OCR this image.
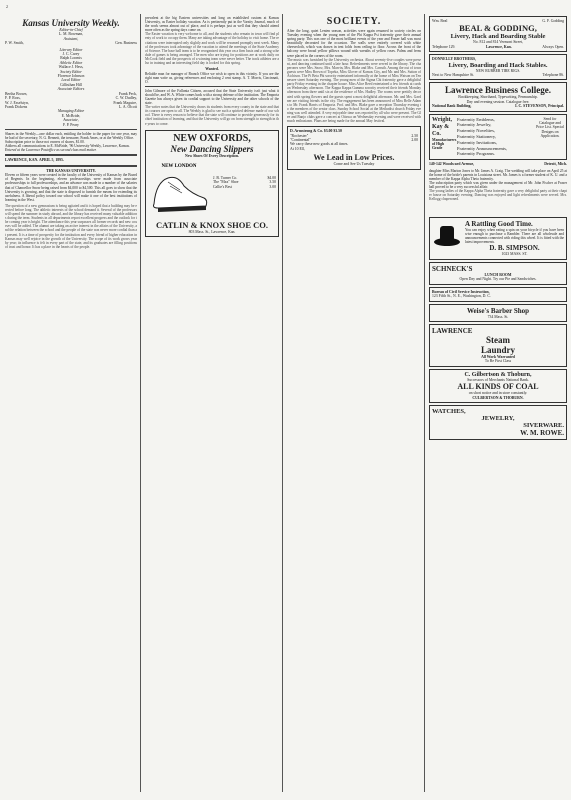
2
Kansas University Weekly.
Editor-in-Chief
L. M. Bowman,
Assistant,
P. W. Smith,	Gen. Business
Literary Editor
J. C. Carey
Ralph Loomis
Athletic Editor
Wallace J. Hess,
Society Editor
Florence Johnson
Local Editor
Gillisthan Hill
Associate Editors
Bertha Brown,
F. P. Ross,
W. J. Esselstyn,
Frank Dickens
Frank Peck,
C. W. Dudley,
Frank Maguire,
L. A. Olcott
Managing Editor
E. McBride,
Associate,
F. P. Peary
Shares in the Weekly—one dollar each, entitling the holder to the paper for one year, may be had of the secretary, N. G. Bennett, the treasurer, Frank Ames, or at the Weekly Office.
Subscription price to those not owners of shares, $1.00.
Address all communications to E. McBride, '96 University Weekly, Lawrence, Kansas.
Entered at the Lawrence Postoffice as second class mail matter.
LAWRENCE, KAN. APRIL 5, 1895.
THE KANSAS UNIVERSITY.
Eleven or fifteen years were created in the faculty of the University of Kansas by the Board of Regents. In the beginning, eleven professorships were made from associate professorships to full professorships, and an advance was made in a number of the salaries that of Chancellor Snow being raised from $4,000 to $4,500. This all goes to show that the University is growing, and that the state is disposed to furnish the means for extending its usefulness. A liberal policy toward our school will make it one of the best institutions of learning in the West.
The question of a new gymnasium is being agitated and it is hoped that a building may be erected before long. The athletic interests of the school demand it. Several of the professors will spend the summer in study abroad, and the library has received many valuable additions during the term. Students in all departments report excellent progress and the outlook for the coming year is bright. The attendance this year surpasses all former records and new courses will be added. The alumni are taking an active interest in the affairs of the University, and the relation between the school and the people of the state was never more cordial than at present. It is a time of prosperity for the institution and every friend of higher education in Kansas may well rejoice in the growth of the University. The scope of its work grows year by year; its influence is felt in every part of the state, and its graduates are filling positions of trust and honor. It has a place in the hearts of the people.
prevalent at the big Eastern universities and long an established custom at Kansas University, as Easter holiday vacation. As is pertinently put in the Varsity Journal, much of the work seems almost out of place, and it is perhaps just as well that they should attend more often as the spring days come on.
The Easter vacation is very welcome to all, and the students who remain in town will find plenty of work to occupy them. Many are taking advantage of the holiday to visit home. The recitations were interrupted only slightly and work will be resumed promptly next week. Many of the professors took advantage of the vacation to attend the meetings of the State Academy of Science. The base ball team is to be reorganized this year on a firm basis and a strong schedule of games is being arranged. The men who are trying for positions are at work daily on McCook field and the prospects of a winning team were never better. The track athletes are also in training and an interesting field day is looked for this spring.
Wanted.
Reliable man for manager of Branch Office we wish to open in this vicinity. If you are the right man write us, giving references and enclosing 2 cent stamp. A. T. Morris, Cincinnati, O.
John Gilmore of the Fallonia Citizen, accused that the State University isn't just what it should be, and W. A. White comes back with a strong defense of the institution. The Emporia Gazette has always given its cordial support to the University and the other schools of the state.
The writer notes that the University draws its students from every county in the state and that its courses are open to all. The Weekly is glad to see such a spirited defense made of our school. There is every reason to believe that the state will continue to provide generously for its chief institution of learning, and that the University will go on from strength to strength in the years to come.
NEW OXFORDS,
New Dancing Slippers
New Shoes Of Every Description.
NEW LONDON
J. B. Turner Co.	$4.00
The "Max" Shoe	3.50
Callie's Best	3.00
CATLIN & KNOX SHOE CO.
803 Mass. St., Lawrence, Kan.
SOCIETY.
After the long, quiet Lenten season, activities were again resumed in society circles on Tuesday evening when the young men of the Phi Kappa Psi fraternity gave their annual spring party. This was one of the most brilliant events of the year and Fraser hall was most beautifully decorated for the occasion. The walls were entirely covered with white cheesecloth, which was drawn in tent folds from ceiling to floor. Across the front of the balcony were broad yellow pillows wound with wreaths of yellow roses. Palms and ferns were placed in the corners of the room.
The music was furnished by the University orchestra. About seventy-five couples were present, and dancing continued until a late hour. Refreshments were served in the library. The chaperones were Mrs. Snow, Mrs. Marvin, Mrs. Blake and Mrs. Carruth. Among the out of town guests were Miss Brown of Topeka, Miss Glover of Kansas City, and Mr. and Mrs. Sutton of Atchison. The Pi Beta Phi sorority entertained informally at the home of Miss Watson on Tennessee street Saturday evening. The young men of the Sigma Chi fraternity gave a delightful party Friday evening in the chapter house. Miss Alice Reed entertained a few friends at cards on Wednesday afternoon. The Kappa Kappa Gamma sorority received their friends Monday afternoon from three until six at the residence of Mrs. Hadley. The rooms were prettily decorated with spring flowers and the guests spent a most delightful afternoon. Mr. and Mrs. Gardner are visiting friends in the city. The engagement has been announced of Miss Belle Adams to Mr. Frank Harris of Emporia. Prof. and Mrs. Blake gave a reception Thursday evening to the members of the senior class. Sunday School Social at the Methodist church Friday evening was well attended. A very enjoyable time was reported by all who were present. The Glee and Banjo clubs gave a concert at Ottawa on Wednesday evening and were received with much enthusiasm. Plans are being made for the annual May festival.
D. Armstrong & Co. $3.00 $3.50
"Rochester"	2.50
"Continental"	2.00
We carry these new goods at all times.
At 10 Ell,
We Lead in Low Prices.
Come and See Us Tuesday
Wm. Beal	G. F. Godding
BEAL & GODDING,
Livery, Hack and Boarding Stable
No. 812 and 814 Vermont Street,
Telephone 129.	Lawrence, Kan.	Always Open.
DONNELLY BROTHERS,
Livery, Boarding and Hack Stables.
NEW RUBBER TIRE RIGS.
Next to New Hampshire St.	Telephone 86.
Lawrence Business College.
Bookkeeping, Shorthand, Typewriting, Penmanship.
Day and evening session. Catalogue free.
National Bank Building,	I. C. STEVENSON, Principal.
Wright, Kay & Co.
Manufacturers of High Grade
Fraternity Emblems,
Fraternity Jewelry,
Fraternity Novelties,
Fraternity Stationery,
Fraternity Invitations,
Fraternity Announcements,
Fraternity Programs.
Send for Catalogue and Price List. Special Designs on Application.
140-142 Woodward Avenue,	Detroit, Mich.
daughter Miss Marion Jones to Mr. James A. Craig. The wedding will take place on April 25 at the home of the bride's parents in Louisiana street. Mr. James is a former student of K. U. and a member of the Kappa Alpha Theta fraternity.
The subscription party which was given under the management of Mr. John Fischer at Fraser hall proved to be a very successful affair.
The young ladies of the Kappa Alpha Theta fraternity gave a very delightful party at their chapter house on Saturday evening. Dancing was enjoyed and light refreshments were served. Mrs. Kellogg chaperoned.
A Rattling Good Time.
You can enjoy when eating a spin on your bicycle if you have been wise enough to purchase a Rambler. There are all wholesale and announcements connected with riding this wheel. It is fitted with the latest improvements.
D. B. SIMPSON.
1023 MASS. ST.
SCHNECK'S
LUNCH ROOM
Open Day and Night. Try our Pie and Sandwiches.
Bureau of Civil Service Instruction,
123 Fifth St., N. E., Washington, D. C.
Weise's Barber Shop
734 Mass. St.
LAWRENCE
Steam
Laundry
All Work Warranted
To Be First Class
C. Gilbertson & Thoburn,
Successors of Merchants National Bank.
ALL KINDS OF COAL
on short notice and in store constantly.
CULBERTSON & THOBURN.
WATCHES,
JEWELRY,
SIVERWARE.
W. M. ROWE.
